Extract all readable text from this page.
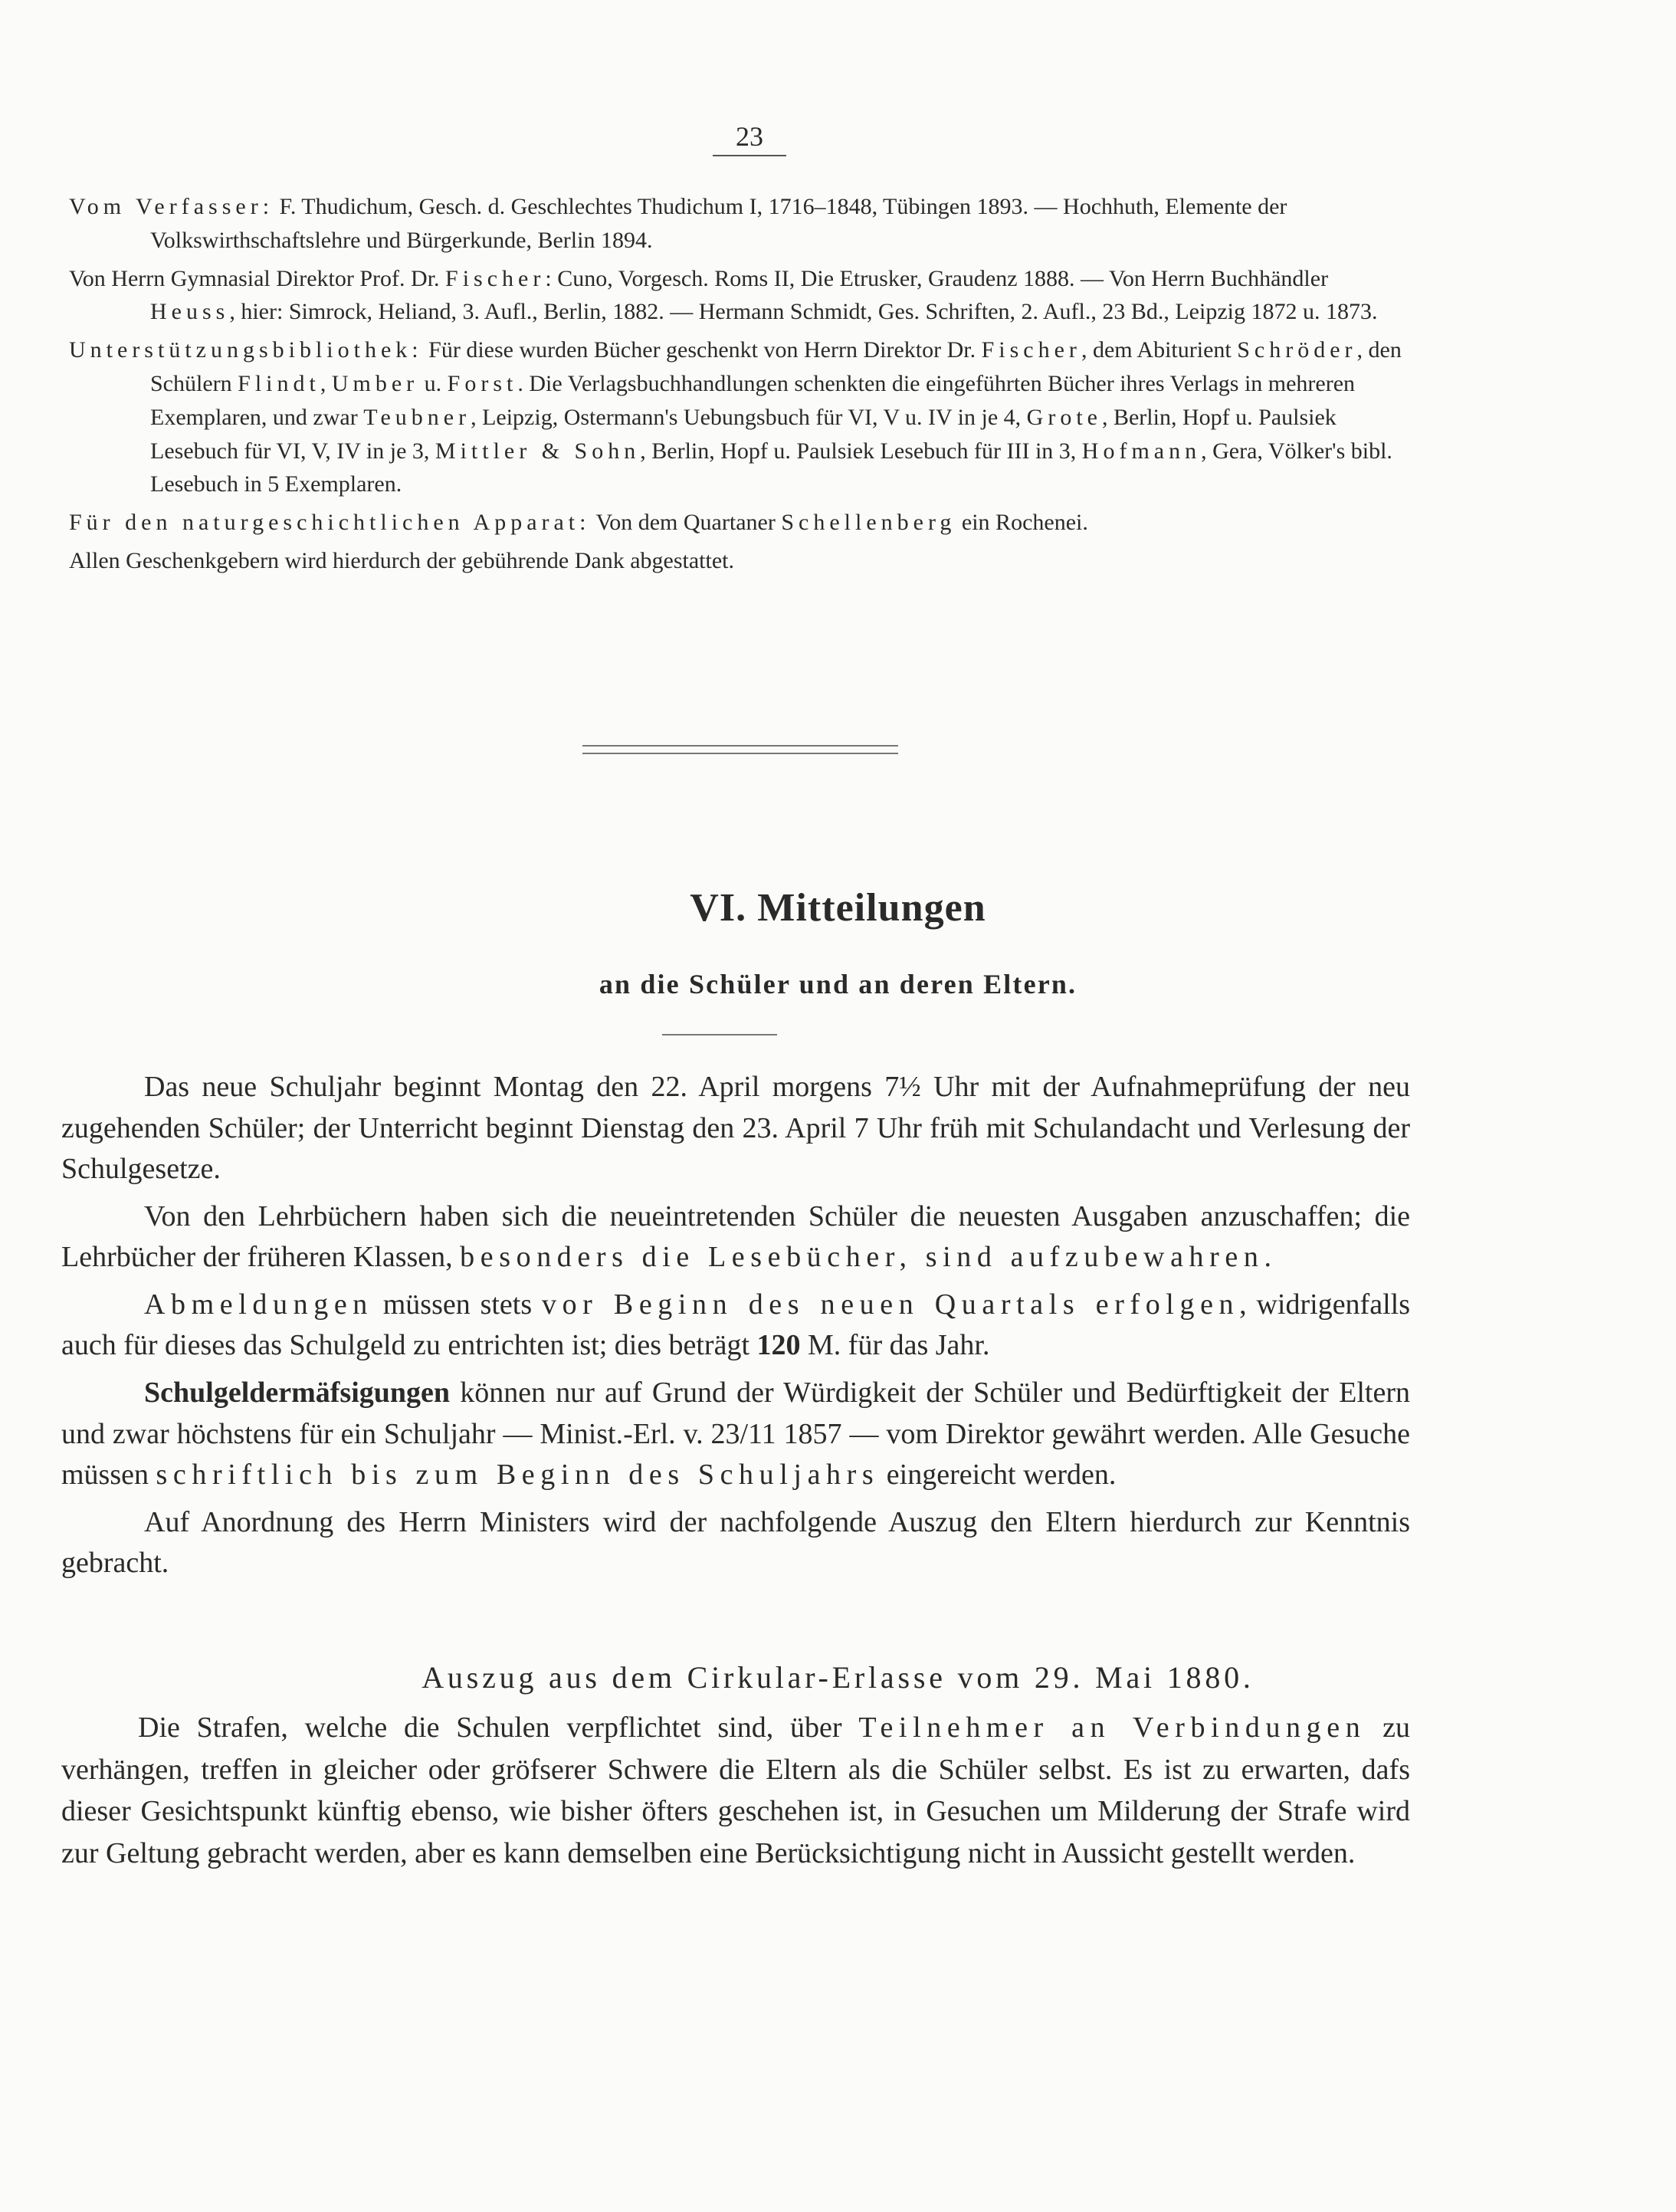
23
Vom Verfasser: F. Thudichum, Gesch. d. Geschlechtes Thudichum I, 1716–1848, Tübingen 1893. — Hochhuth, Elemente der Volkswirthschaftslehre und Bürgerkunde, Berlin 1894.
Von Herrn Gymnasial Direktor Prof. Dr. Fischer: Cuno, Vorgesch. Roms II, Die Etrusker, Graudenz 1888. — Von Herrn Buchhändler Heuss, hier: Simrock, Heliand, 3. Aufl., Berlin, 1882. — Hermann Schmidt, Ges. Schriften, 2. Aufl., 23 Bd., Leipzig 1872 u. 1873.
Unterstützungsbibliothek: Für diese wurden Bücher geschenkt von Herrn Direktor Dr. Fischer, dem Abiturient Schröder, den Schülern Flindt, Umber u. Forst. Die Verlagsbuchhandlungen schenkten die eingeführten Bücher ihres Verlags in mehreren Exemplaren, und zwar Teubner, Leipzig, Ostermann's Uebungsbuch für VI, V u. IV in je 4, Grote, Berlin, Hopf u. Paulsiek Lesebuch für VI, V, IV in je 3, Mittler & Sohn, Berlin, Hopf u. Paulsiek Lesebuch für III in 3, Hofmann, Gera, Völker's bibl. Lesebuch in 5 Exemplaren.
Für den naturgeschichtlichen Apparat: Von dem Quartaner Schellenberg ein Rochenei.
Allen Geschenkgebern wird hierdurch der gebührende Dank abgestattet.
VI. Mitteilungen
an die Schüler und an deren Eltern.

Das neue Schuljahr beginnt Montag den 22. April morgens 7½ Uhr mit der Aufnahmeprüfung der neu zugehenden Schüler; der Unterricht beginnt Dienstag den 23. April 7 Uhr früh mit Schulandacht und Verlesung der Schulgesetze.

Von den Lehrbüchern haben sich die neueintretenden Schüler die neuesten Ausgaben anzuschaffen; die Lehrbücher der früheren Klassen, besonders die Lesebücher, sind aufzubewahren.

Abmeldungen müssen stets vor Beginn des neuen Quartals erfolgen, widrigenfalls auch für dieses das Schulgeld zu entrichten ist; dies beträgt 120 M. für das Jahr.

Schulgeldermäfsigungen können nur auf Grund der Würdigkeit der Schüler und Bedürftigkeit der Eltern und zwar höchstens für ein Schuljahr — Minist.-Erl. v. 23/11 1857 — vom Direktor gewährt werden. Alle Gesuche müssen schriftlich bis zum Beginn des Schuljahrs eingereicht werden.

Auf Anordnung des Herrn Ministers wird der nachfolgende Auszug den Eltern hierdurch zur Kenntnis gebracht.

Auszug aus dem Cirkular-Erlasse vom 29. Mai 1880.

Die Strafen, welche die Schulen verpflichtet sind, über Teilnehmer an Verbindungen zu verhängen, treffen in gleicher oder gröfserer Schwere die Eltern als die Schüler selbst. Es ist zu erwarten, dafs dieser Gesichtspunkt künftig ebenso, wie bisher öfters geschehen ist, in Gesuchen um Milderung der Strafe wird zur Geltung gebracht werden, aber es kann demselben eine Berücksichtigung nicht in Aussicht gestellt werden.
